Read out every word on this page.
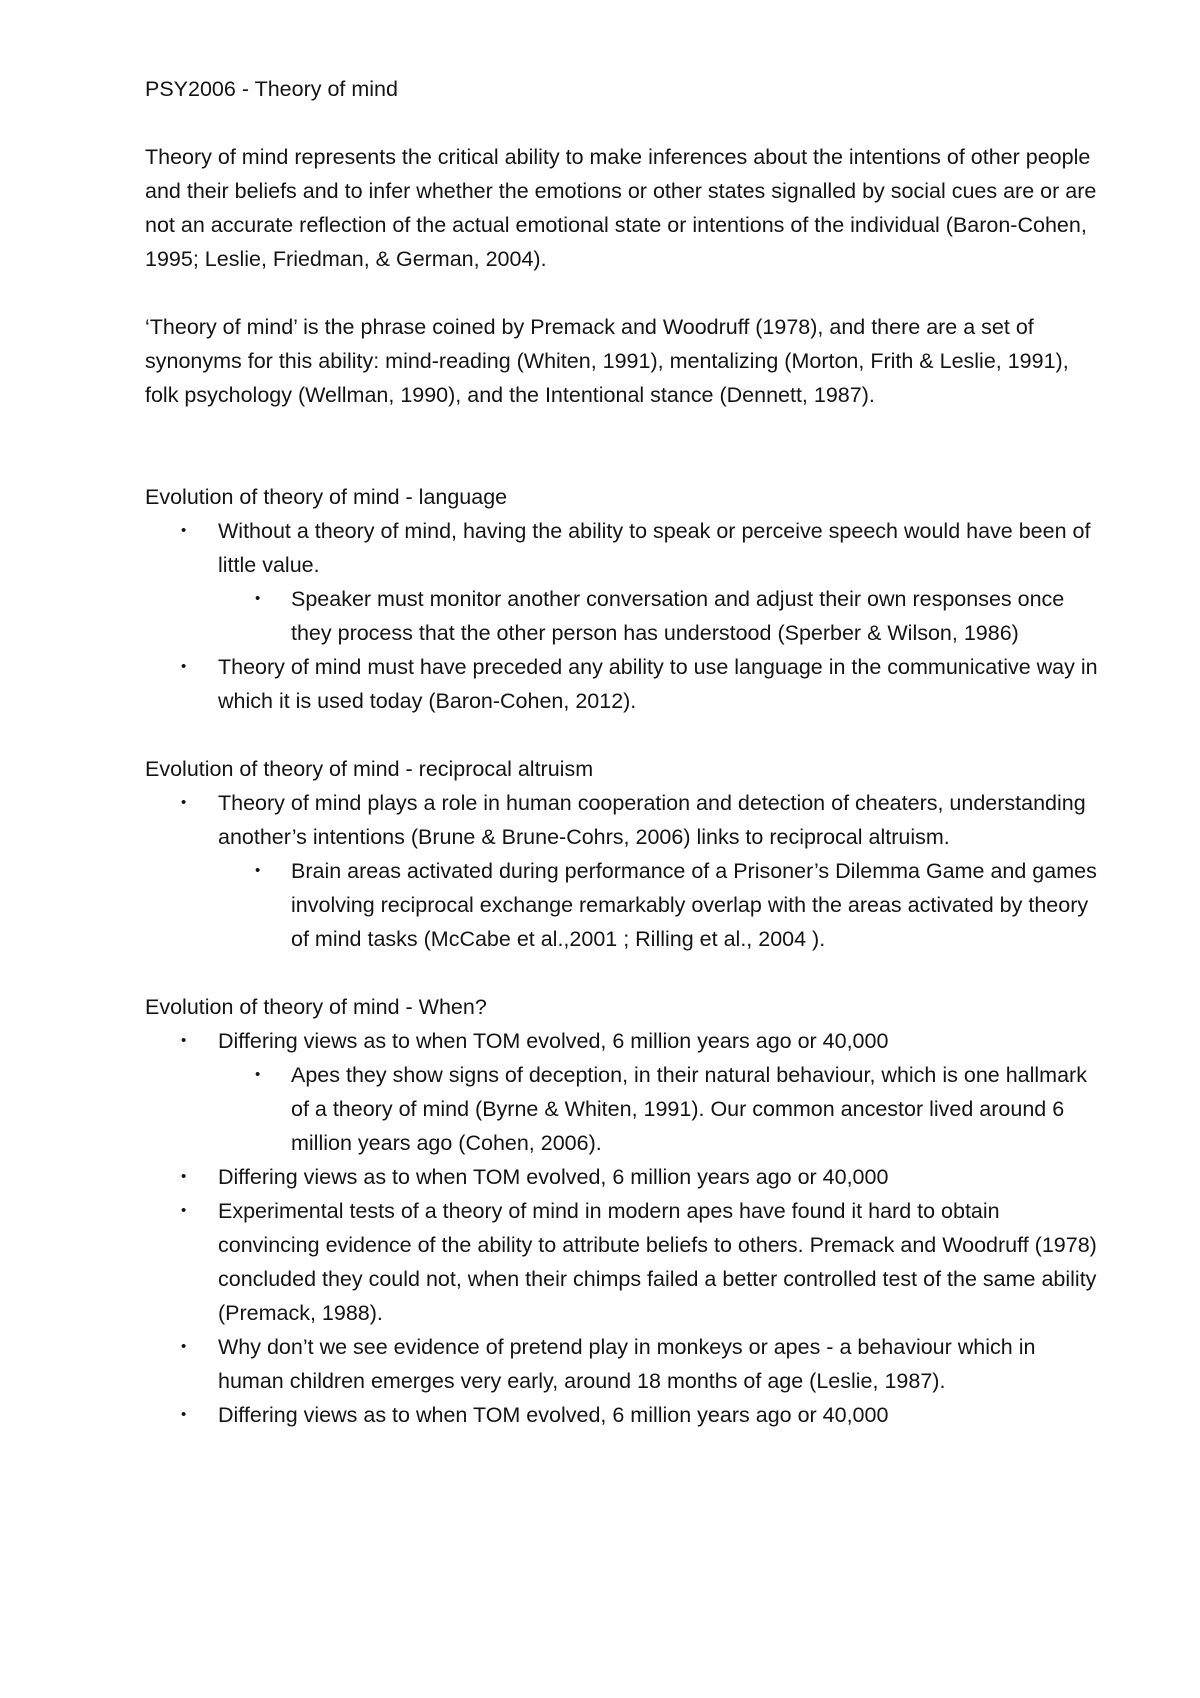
PSY2006 - Theory of mind

Theory of mind represents the critical ability to make inferences about the intentions of other people and their beliefs and to infer whether the emotions or other states signalled by social cues are or are not an accurate reflection of the actual emotional state or intentions of the individual (Baron-Cohen, 1995; Leslie, Friedman, & German, 2004).

‘Theory of mind’ is the phrase coined by Premack and Woodruff (1978), and there are a set of synonyms for this ability: mind-reading (Whiten, 1991), mentalizing (Morton, Frith & Leslie, 1991), folk psychology (Wellman, 1990), and the Intentional stance (Dennett, 1987).

Evolution of theory of mind - language
• Without a theory of mind, having the ability to speak or perceive speech would have been of little value.
• Speaker must monitor another conversation and adjust their own responses once they process that the other person has understood (Sperber & Wilson, 1986)
• Theory of mind must have preceded any ability to use language in the communicative way in which it is used today (Baron-Cohen, 2012).
Evolution of theory of mind - reciprocal altruism
• Theory of mind plays a role in human cooperation and detection of cheaters, understanding another’s intentions (Brune & Brune-Cohrs, 2006) links to reciprocal altruism.
• Brain areas activated during performance of a Prisoner’s Dilemma Game and games involving reciprocal exchange remarkably overlap with the areas activated by theory of mind tasks (McCabe et al.,2001 ; Rilling et al., 2004 ).
Evolution of theory of mind - When?
• Differing views as to when TOM evolved, 6 million years ago or 40,000
• Apes they show signs of deception, in their natural behaviour, which is one hallmark of a theory of mind (Byrne & Whiten, 1991). Our common ancestor lived around 6 million years ago (Cohen, 2006).
• Differing views as to when TOM evolved, 6 million years ago or 40,000
• Experimental tests of a theory of mind in modern apes have found it hard to obtain convincing evidence of the ability to attribute beliefs to others. Premack and Woodruff (1978) concluded they could not, when their chimps failed a better controlled test of the same ability (Premack, 1988).
• Why don’t we see evidence of pretend play in monkeys or apes - a behaviour which in human children emerges very early, around 18 months of age (Leslie, 1987).
• Differing views as to when TOM evolved, 6 million years ago or 40,000
